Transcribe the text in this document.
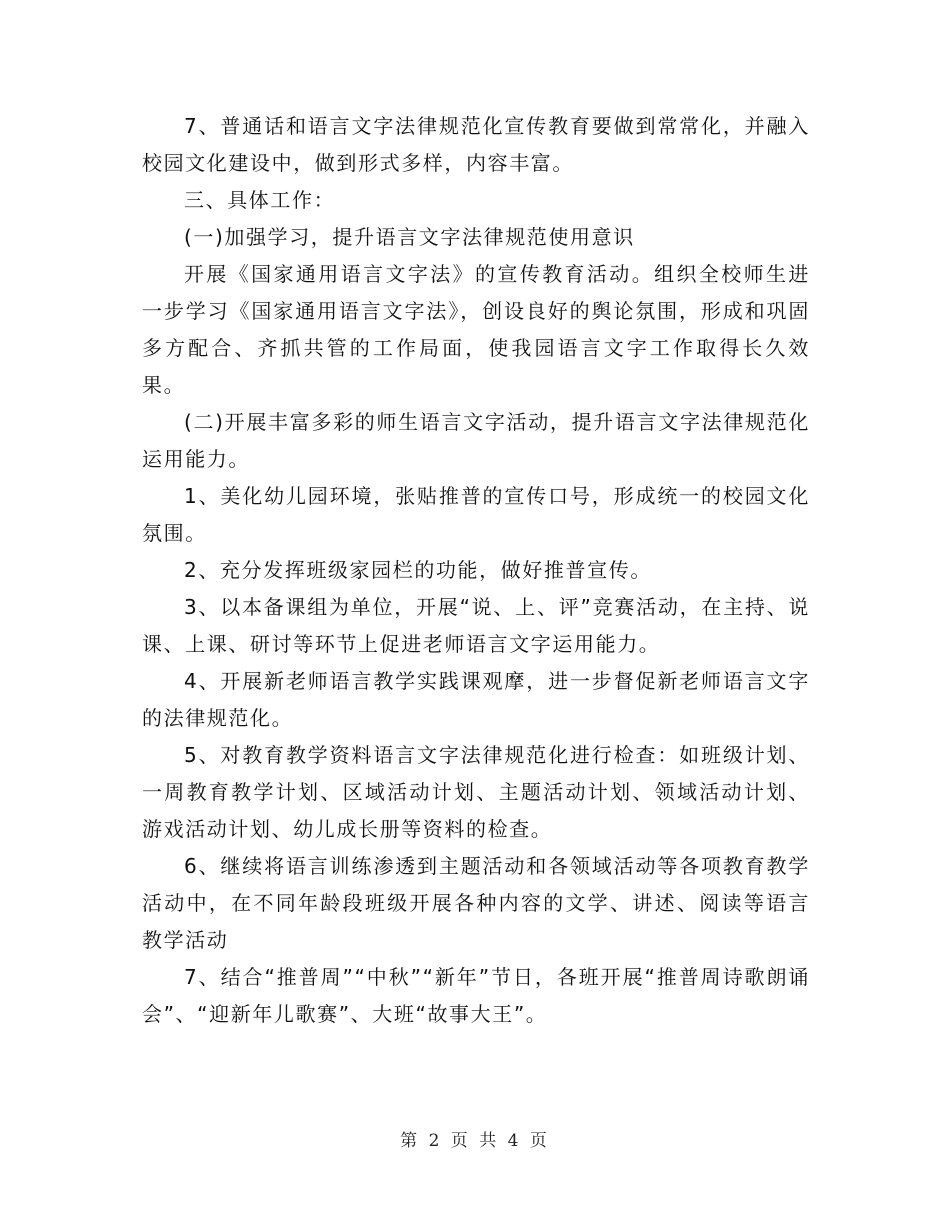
7、普通话和语言文字法律规范化宣传教育要做到常常化，并融入校园文化建设中，做到形式多样，内容丰富。

三、具体工作：

(一)加强学习，提升语言文字法律规范使用意识

开展《国家通用语言文字法》的宣传教育活动。组织全校师生进一步学习《国家通用语言文字法》，创设良好的舆论氛围，形成和巩固多方配合、齐抓共管的工作局面，使我园语言文字工作取得长久效果。

(二)开展丰富多彩的师生语言文字活动，提升语言文字法律规范化运用能力。

1、美化幼儿园环境，张贴推普的宣传口号，形成统一的校园文化氛围。

2、充分发挥班级家园栏的功能，做好推普宣传。

3、以本备课组为单位，开展“说、上、评”竞赛活动，在主持、说课、上课、研讨等环节上促进老师语言文字运用能力。

4、开展新老师语言教学实践课观摩，进一步督促新老师语言文字的法律规范化。

5、对教育教学资料语言文字法律规范化进行检查：如班级计划、一周教育教学计划、区域活动计划、主题活动计划、领域活动计划、游戏活动计划、幼儿成长册等资料的检查。

6、继续将语言训练渗透到主题活动和各领域活动等各项教育教学活动中，在不同年龄段班级开展各种内容的文学、讲述、阅读等语言教学活动

7、结合“推普周”“中秋”“新年”节日，各班开展“推普周诗歌朗诵会”、“迎新年儿歌赛”、大班“故事大王”。

第 2 页 共 4 页
